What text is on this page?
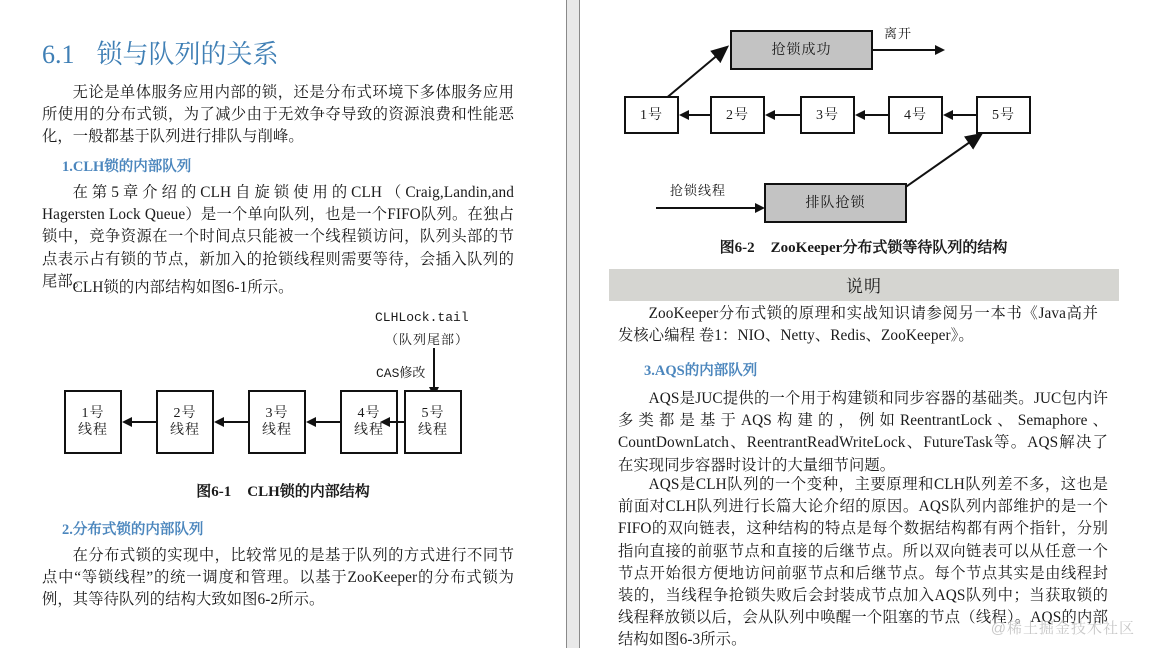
6.1 锁与队列的关系

无论是单体服务应用内部的锁，还是分布式环境下多体服务应用所使用的分布式锁，为了减少由于无效争夺导致的资源浪费和性能恶化，一般都基于队列进行排队与削峰。

1.CLH锁的内部队列

在第5章介绍的CLH自旋锁使用的CLH（Craig,Landin,and Hagersten Lock Queue）是一个单向队列，也是一个FIFO队列。在独占锁中，竞争资源在一个时间点只能被一个线程锁访问，队列头部的节点表示占有锁的节点，新加入的抢锁线程则需要等待，会插入队列的尾部。

CLH锁的内部结构如图6-1所示。

CLHLock.tail
（队列尾部）
CAS修改
1号
线程
2号
线程
3号
线程
4号
线程
5号
线程
图6-1 CLH锁的内部结构
2.分布式锁的内部队列

在分布式锁的实现中，比较常见的是基于队列的方式进行不同节点中“等锁线程”的统一调度和管理。以基于ZooKeeper的分布式锁为例，其等待队列的结构大致如图6-2所示。

抢锁成功
离开
1号	2号	3号	4号	5号
排队抢锁
抢锁线程
图6-2 ZooKeeper分布式锁等待队列的结构
说明

ZooKeeper分布式锁的原理和实战知识请参阅另一本书《Java高并发核心编程 卷1：NIO、Netty、Redis、ZooKeeper》。

3.AQS的内部队列

AQS是JUC提供的一个用于构建锁和同步容器的基础类。JUC包内许多类都是基于AQS构建的，例如ReentrantLock、Semaphore、CountDownLatch、ReentrantReadWriteLock、FutureTask等。AQS解决了在实现同步容器时设计的大量细节问题。

AQS是CLH队列的一个变种，主要原理和CLH队列差不多，这也是前面对CLH队列进行长篇大论介绍的原因。AQS队列内部维护的是一个FIFO的双向链表，这种结构的特点是每个数据结构都有两个指针，分别指向直接的前驱节点和直接的后继节点。所以双向链表可以从任意一个节点开始很方便地访问前驱节点和后继节点。每个节点其实是由线程封装的，当线程争抢锁失败后会封装成节点加入AQS队列中；当获取锁的线程释放锁以后，会从队列中唤醒一个阻塞的节点（线程）。AQS的内部结构如图6-3所示。

@稀土掘金技术社区
